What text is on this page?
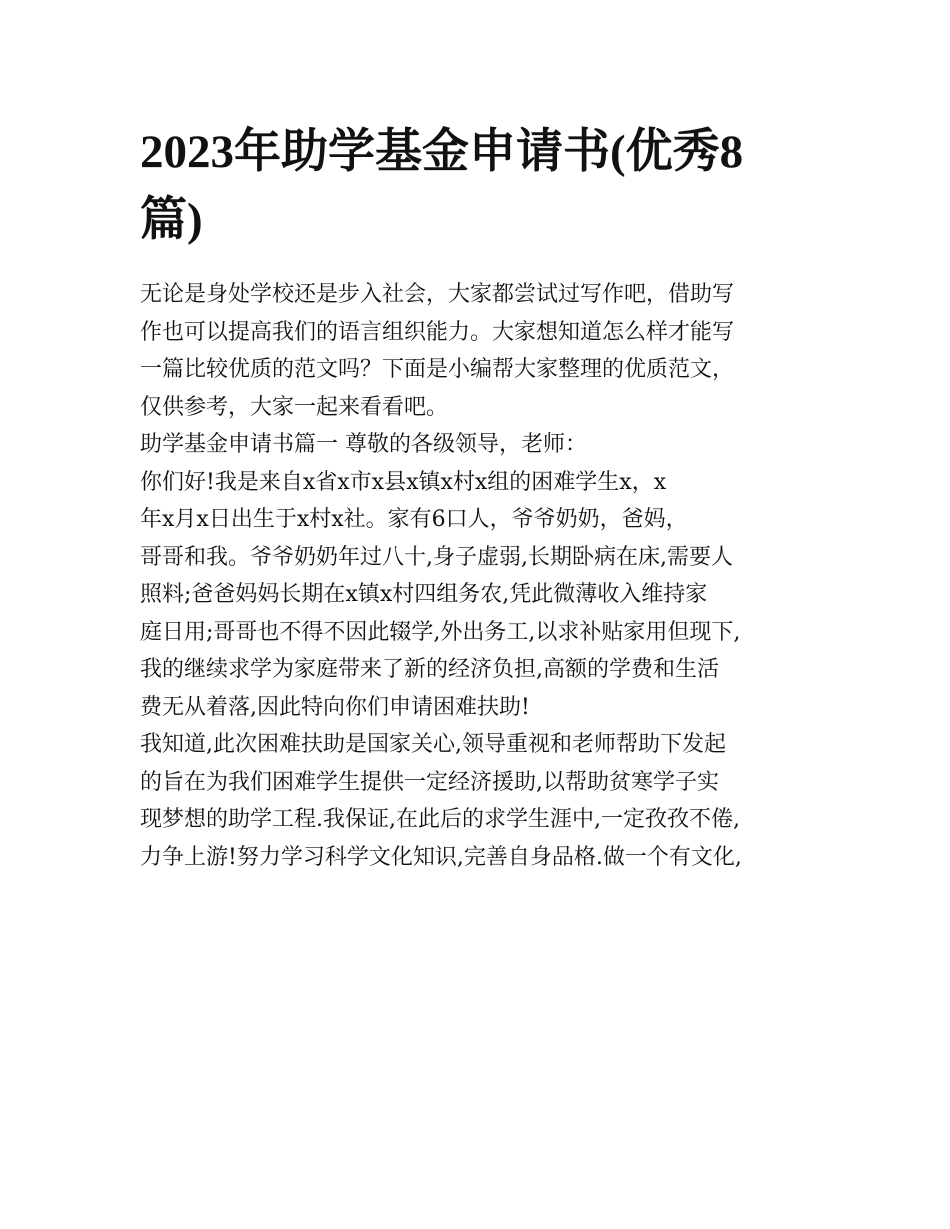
2023年助学基金申请书(优秀8
篇)
无论是身处学校还是步入社会，大家都尝试过写作吧，借助写
作也可以提高我们的语言组织能力。大家想知道怎么样才能写
一篇比较优质的范文吗？下面是小编帮大家整理的优质范文，
仅供参考，大家一起来看看吧。
助学基金申请书篇一 尊敬的各级领导，老师：
你们好!我是来自x省x市x县x镇x村x组的困难学生x，x
年x月x日出生于x村x社。家有6口人，爷爷奶奶，爸妈，
哥哥和我。爷爷奶奶年过八十,身子虚弱,长期卧病在床,需要人
照料;爸爸妈妈长期在x镇x村四组务农,凭此微薄收入维持家
庭日用;哥哥也不得不因此辍学,外出务工,以求补贴家用但现下,
我的继续求学为家庭带来了新的经济负担,高额的学费和生活
费无从着落,因此特向你们申请困难扶助!
我知道,此次困难扶助是国家关心,领导重视和老师帮助下发起
的旨在为我们困难学生提供一定经济援助,以帮助贫寒学子实
现梦想的助学工程.我保证,在此后的求学生涯中,一定孜孜不倦,
力争上游!努力学习科学文化知识,完善自身品格.做一个有文化,
